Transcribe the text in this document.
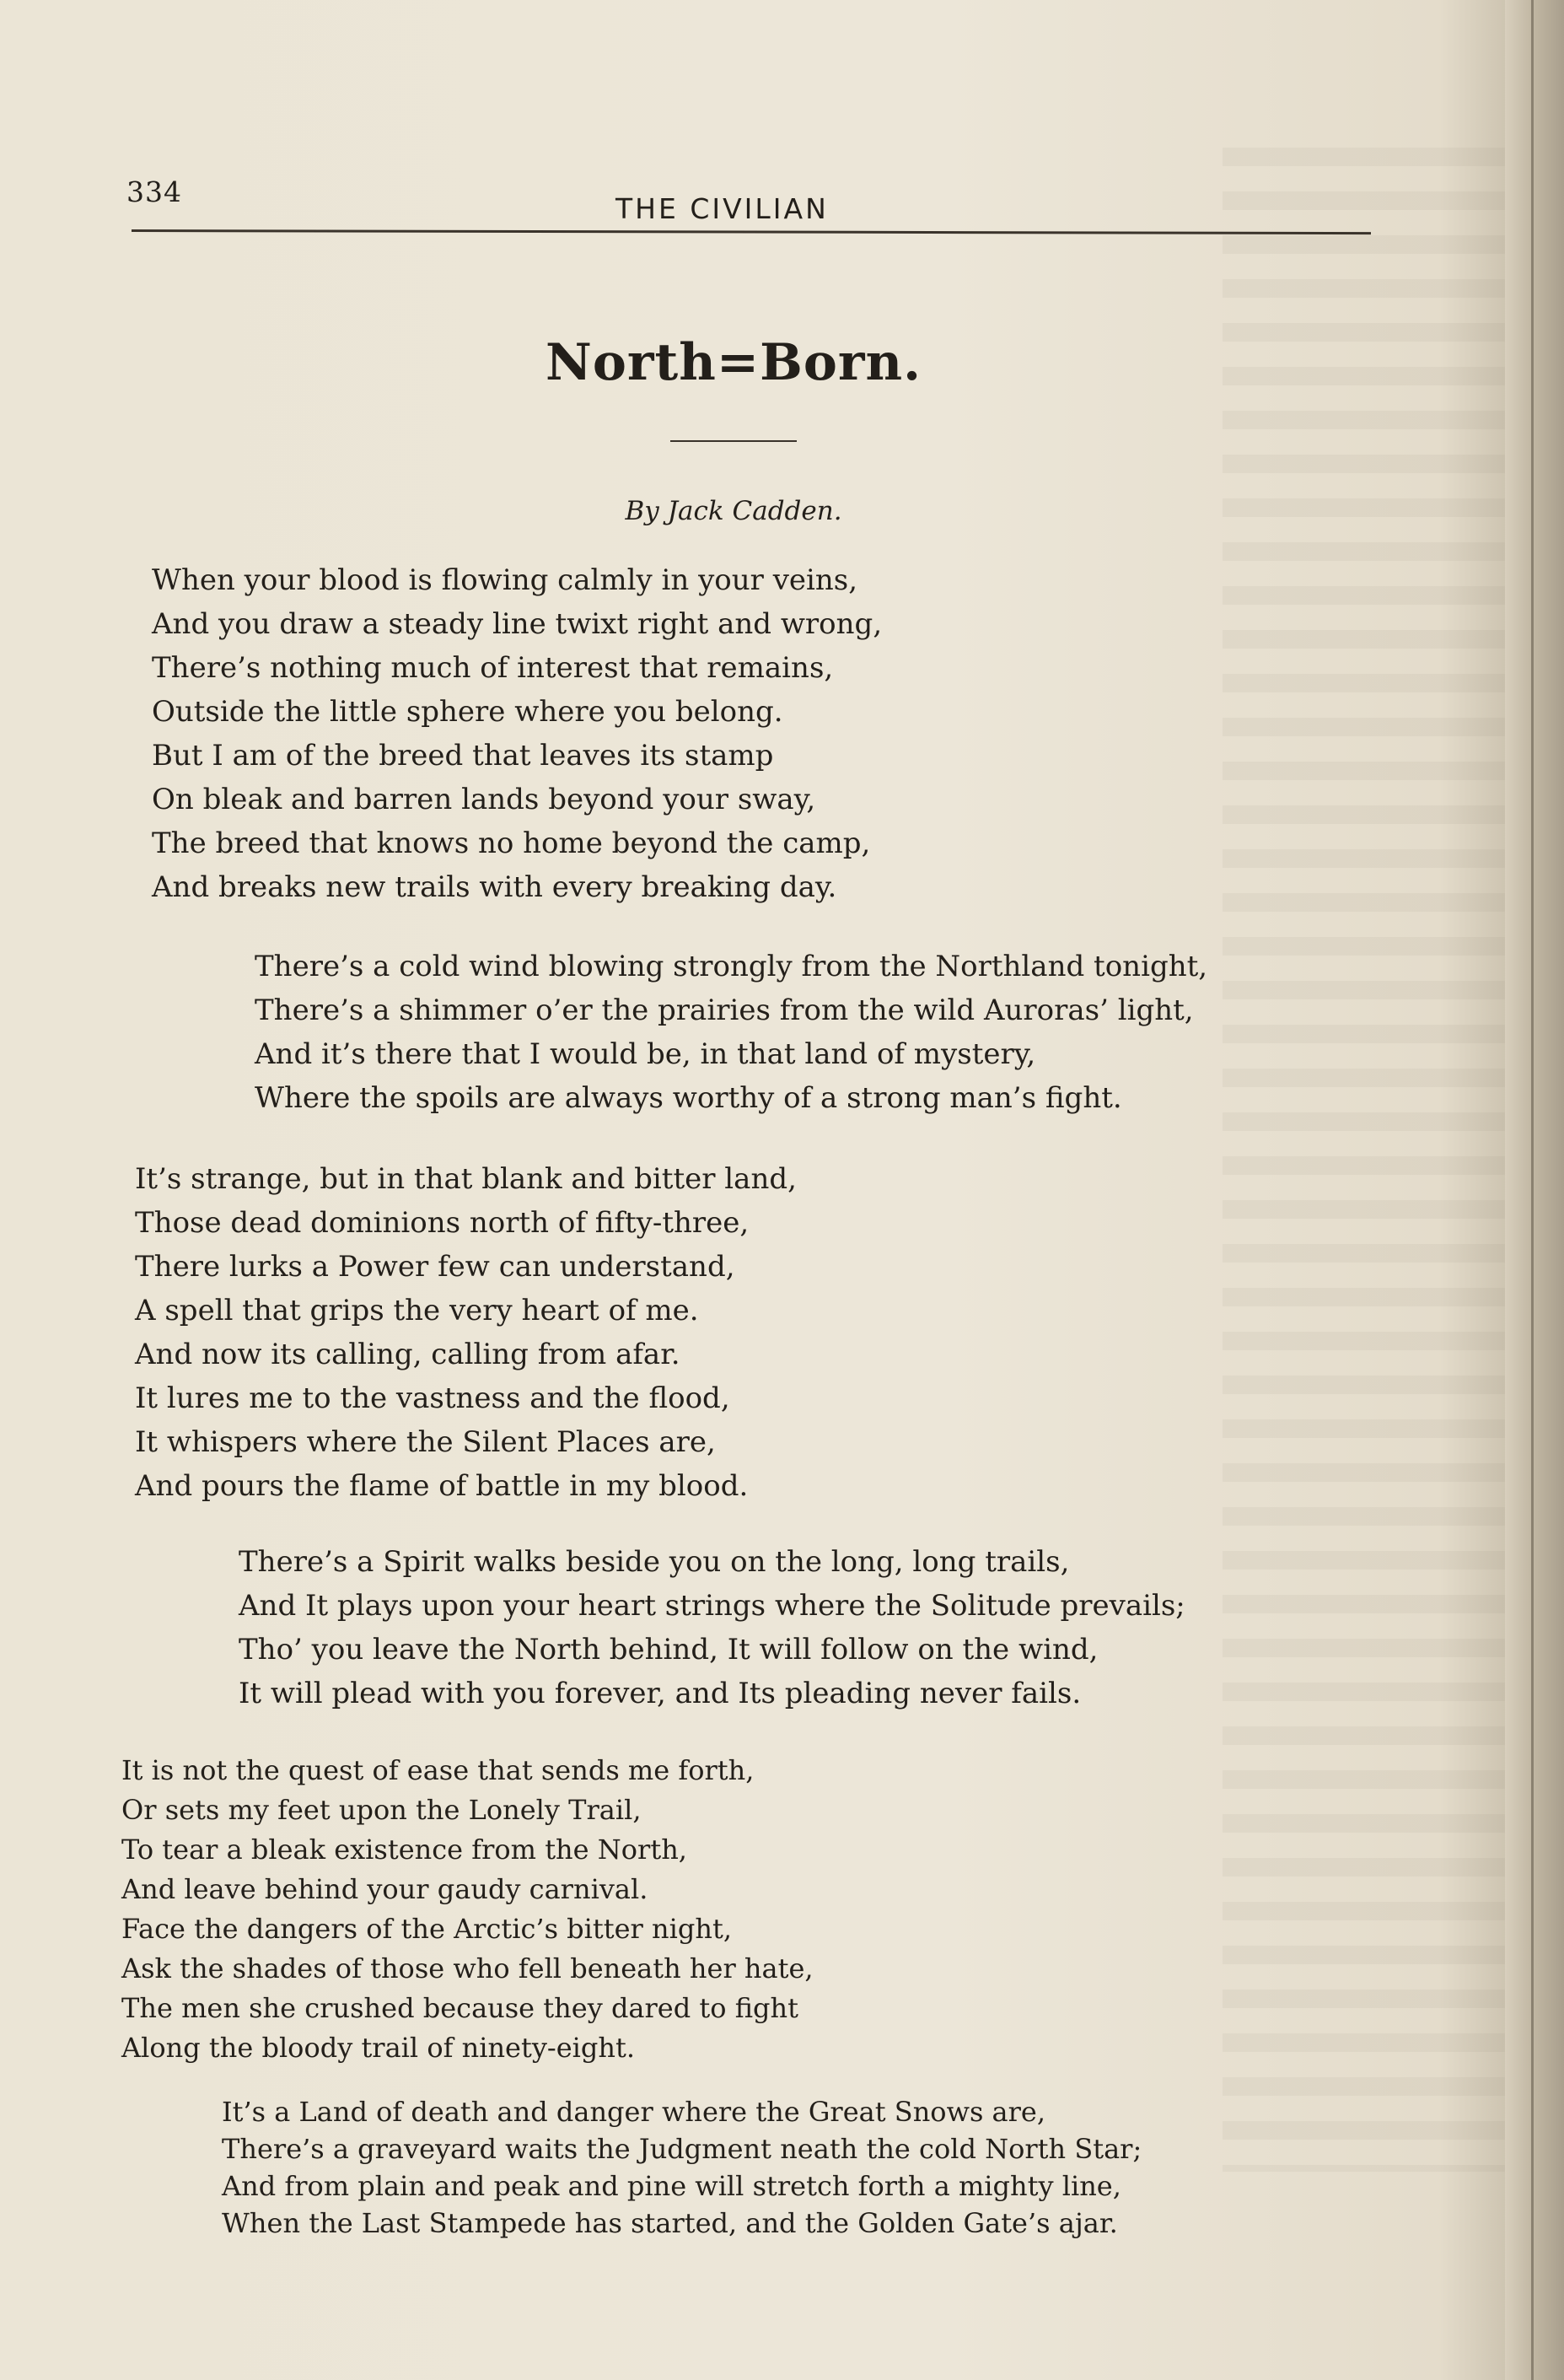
334
THE CIVILIAN
North=Born.
By Jack Cadden.
When your blood is flowing calmly in your veins,
And you draw a steady line twixt right and wrong,
There’s nothing much of interest that remains,
Outside the little sphere where you belong.
But I am of the breed that leaves its stamp
On bleak and barren lands beyond your sway,
The breed that knows no home beyond the camp,
And breaks new trails with every breaking day.
There’s a cold wind blowing strongly from the Northland tonight,
There’s a shimmer o’er the prairies from the wild Auroras’ light,
And it’s there that I would be, in that land of mystery,
Where the spoils are always worthy of a strong man’s fight.
It’s strange, but in that blank and bitter land,
Those dead dominions north of fifty-three,
There lurks a Power few can understand,
A spell that grips the very heart of me.
And now its calling, calling from afar.
It lures me to the vastness and the flood,
It whispers where the Silent Places are,
And pours the flame of battle in my blood.
There’s a Spirit walks beside you on the long, long trails,
And It plays upon your heart strings where the Solitude prevails;
Tho’ you leave the North behind, It will follow on the wind,
It will plead with you forever, and Its pleading never fails.
It is not the quest of ease that sends me forth,
Or sets my feet upon the Lonely Trail,
To tear a bleak existence from the North,
And leave behind your gaudy carnival.
Face the dangers of the Arctic’s bitter night,
Ask the shades of those who fell beneath her hate,
The men she crushed because they dared to fight
Along the bloody trail of ninety-eight.
It’s a Land of death and danger where the Great Snows are,
There’s a graveyard waits the Judgment neath the cold North Star;
And from plain and peak and pine will stretch forth a mighty line,
When the Last Stampede has started, and the Golden Gate’s ajar.
